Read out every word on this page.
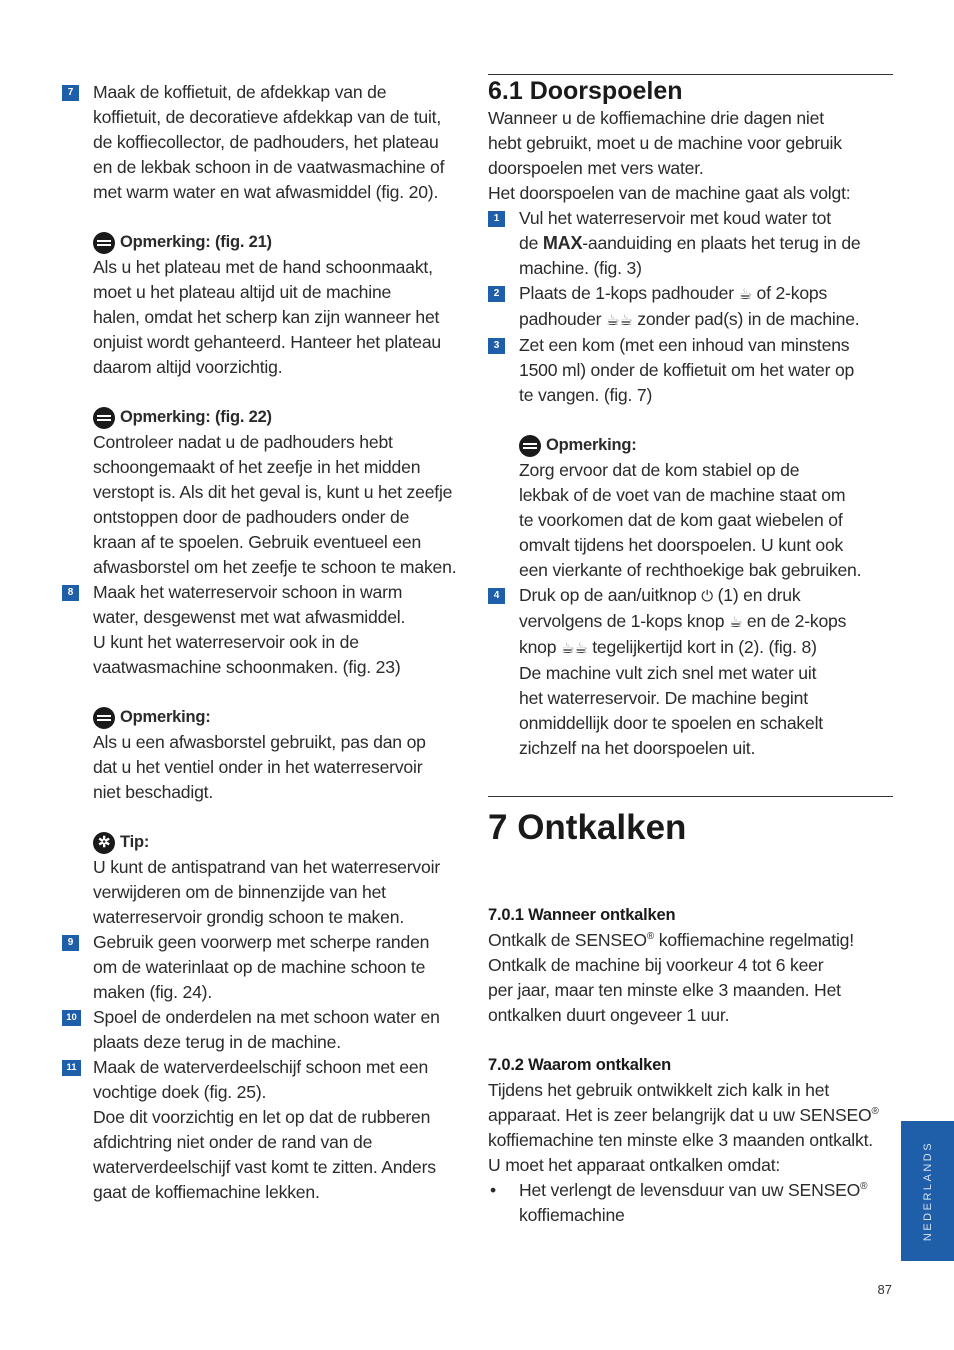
7	Maak de koffietuit, de afdekkap van de
koffietuit, de decoratieve afdekkap van de tuit,
de koffiecollector, de padhouders, het plateau
en de lekbak schoon in de vaatwasmachine of
met warm water en wat afwasmiddel (fig. 20).
Opmerking: (fig. 21)
Als u het plateau met de hand schoonmaakt,
moet u het plateau altijd uit de machine
halen, omdat het scherp kan zijn wanneer het
onjuist wordt gehanteerd. Hanteer het plateau
daarom altijd voorzichtig.
Opmerking: (fig. 22)
Controleer nadat u de padhouders hebt
schoongemaakt of het zeefje in het midden
verstopt is. Als dit het geval is, kunt u het zeefje
ontstoppen door de padhouders onder de
kraan af te spoelen. Gebruik eventueel een
afwasborstel om het zeefje te schoon te maken.
8	Maak het waterreservoir schoon in warm
water, desgewenst met wat afwasmiddel.
U kunt het waterreservoir ook in de
vaatwasmachine schoonmaken. (fig. 23)
Opmerking:
Als u een afwasborstel gebruikt, pas dan op
dat u het ventiel onder in het waterreservoir
niet beschadigt.
✲ Tip:
U kunt de antispatrand van het waterreservoir
verwijderen om de binnenzijde van het
waterreservoir grondig schoon te maken.
9	Gebruik geen voorwerp met scherpe randen
om de waterinlaat op de machine schoon te
maken (fig. 24).
10 Spoel de onderdelen na met schoon water en
plaats deze terug in de machine.
11 Maak de waterverdeelschijf schoon met een
vochtige doek (fig. 25).
Doe dit voorzichtig en let op dat de rubberen
afdichtring niet onder de rand van de
waterverdeelschijf vast komt te zitten. Anders
gaat de koffiemachine lekken.
6.1 Doorspoelen
Wanneer u de koffiemachine drie dagen niet
hebt gebruikt, moet u de machine voor gebruik
doorspoelen met vers water.
Het doorspoelen van de machine gaat als volgt:
1	Vul het waterreservoir met koud water tot
de MAX-aanduiding en plaats het terug in de
machine. (fig. 3)
2	Plaats de 1-kops padhouder ☕ of 2-kops
padhouder ☕☕ zonder pad(s) in de machine.
3	Zet een kom (met een inhoud van minstens
1500 ml) onder de koffietuit om het water op
te vangen. (fig. 7)
Opmerking:
Zorg ervoor dat de kom stabiel op de
lekbak of de voet van de machine staat om
te voorkomen dat de kom gaat wiebelen of
omvalt tijdens het doorspoelen. U kunt ook
een vierkante of rechthoekige bak gebruiken.
4	Druk op de aan/uitknop ⏻ (1) en druk
vervolgens de 1-kops knop ☕ en de 2-kops
knop ☕☕ tegelijkertijd kort in (2). (fig. 8)
De machine vult zich snel met water uit
het waterreservoir. De machine begint
onmiddellijk door te spoelen en schakelt
zichzelf na het doorspoelen uit.
7 Ontkalken
7.0.1 Wanneer ontkalken
Ontkalk de SENSEO® koffiemachine regelmatig!
Ontkalk de machine bij voorkeur 4 tot 6 keer
per jaar, maar ten minste elke 3 maanden. Het
ontkalken duurt ongeveer 1 uur.
7.0.2 Waarom ontkalken
Tijdens het gebruik ontwikkelt zich kalk in het
apparaat. Het is zeer belangrijk dat u uw SENSEO®
koffiemachine ten minste elke 3 maanden ontkalkt.
U moet het apparaat ontkalken omdat:
• Het verlengt de levensduur van uw SENSEO®
koffiemachine	NEDERLANDS
87
